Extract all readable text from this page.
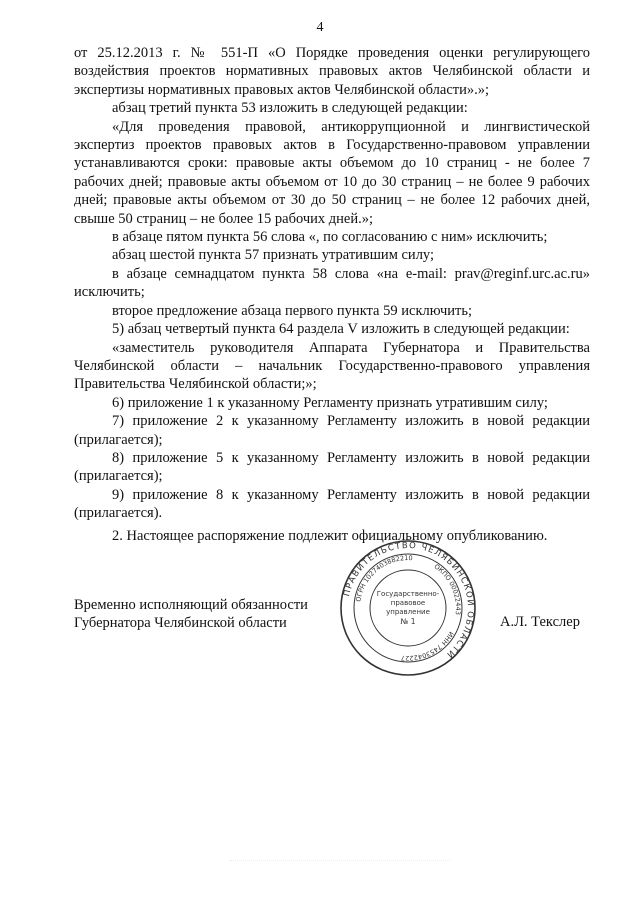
4

от 25.12.2013 г. № 551-П «О Порядке проведения оценки регулирующего воздействия проектов нормативных правовых актов Челябинской области и экспертизы нормативных правовых актов Челябинской области».»;

абзац третий пункта 53 изложить в следующей редакции:

«Для проведения правовой, антикоррупционной и лингвистической экспертиз проектов правовых актов в Государственно-правовом управлении устанавливаются сроки: правовые акты объемом до 10 страниц - не более 7 рабочих дней; правовые акты объемом от 10 до 30 страниц – не более 9 рабочих дней; правовые акты объемом от 30 до 50 страниц – не более 12 рабочих дней, свыше 50 страниц – не более 15 рабочих дней.»;

в абзаце пятом пункта 56 слова «, по согласованию с ним» исключить;

абзац шестой пункта 57 признать утратившим силу;

в абзаце семнадцатом пункта 58 слова «на e-mail: prav@reginf.urc.ac.ru» исключить;

второе предложение абзаца первого пункта 59 исключить;

5) абзац четвертый пункта 64 раздела V изложить в следующей редакции:

«заместитель руководителя Аппарата Губернатора и Правительства Челябинской области – начальник Государственно-правового управления Правительства Челябинской области;»;

6) приложение 1 к указанному Регламенту признать утратившим силу;

7) приложение 2 к указанному Регламенту изложить в новой редакции (прилагается);

8) приложение 5 к указанному Регламенту изложить в новой редакции (прилагается);

9) приложение 8 к указанному Регламенту изложить в новой редакции (прилагается).

2. Настоящее распоряжение подлежит официальному опубликованию.

Временно исполняющий обязанности
Губернатора Челябинской области	А.Л. Текслер
ПРАВИТЕЛЬСТВО ЧЕЛЯБИНСКОЙ ОБЛАСТИ
ОГРН 1027403882210
ОКПО 00022443
ИНН 7453042227
Государственно-
правовое
управление
№ 1
